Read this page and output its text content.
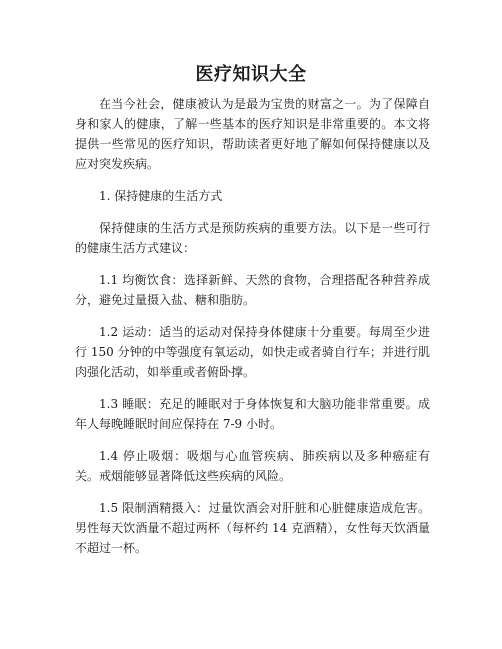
医疗知识大全

在当今社会，健康被认为是最为宝贵的财富之一。为了保障自身和家人的健康，了解一些基本的医疗知识是非常重要的。本文将提供一些常见的医疗知识，帮助读者更好地了解如何保持健康以及应对突发疾病。

1. 保持健康的生活方式

保持健康的生活方式是预防疾病的重要方法。以下是一些可行的健康生活方式建议：

1.1 均衡饮食：选择新鲜、天然的食物，合理搭配各种营养成分，避免过量摄入盐、糖和脂肪。

1.2 运动：适当的运动对保持身体健康十分重要。每周至少进行 150 分钟的中等强度有氧运动，如快走或者骑自行车；并进行肌肉强化活动，如举重或者俯卧撑。

1.3 睡眠：充足的睡眠对于身体恢复和大脑功能非常重要。成年人每晚睡眠时间应保持在 7-9 小时。

1.4 停止吸烟：吸烟与心血管疾病、肺疾病以及多种癌症有关。戒烟能够显著降低这些疾病的风险。

1.5 限制酒精摄入：过量饮酒会对肝脏和心脏健康造成危害。男性每天饮酒量不超过两杯（每杯约 14 克酒精），女性每天饮酒量不超过一杯。
